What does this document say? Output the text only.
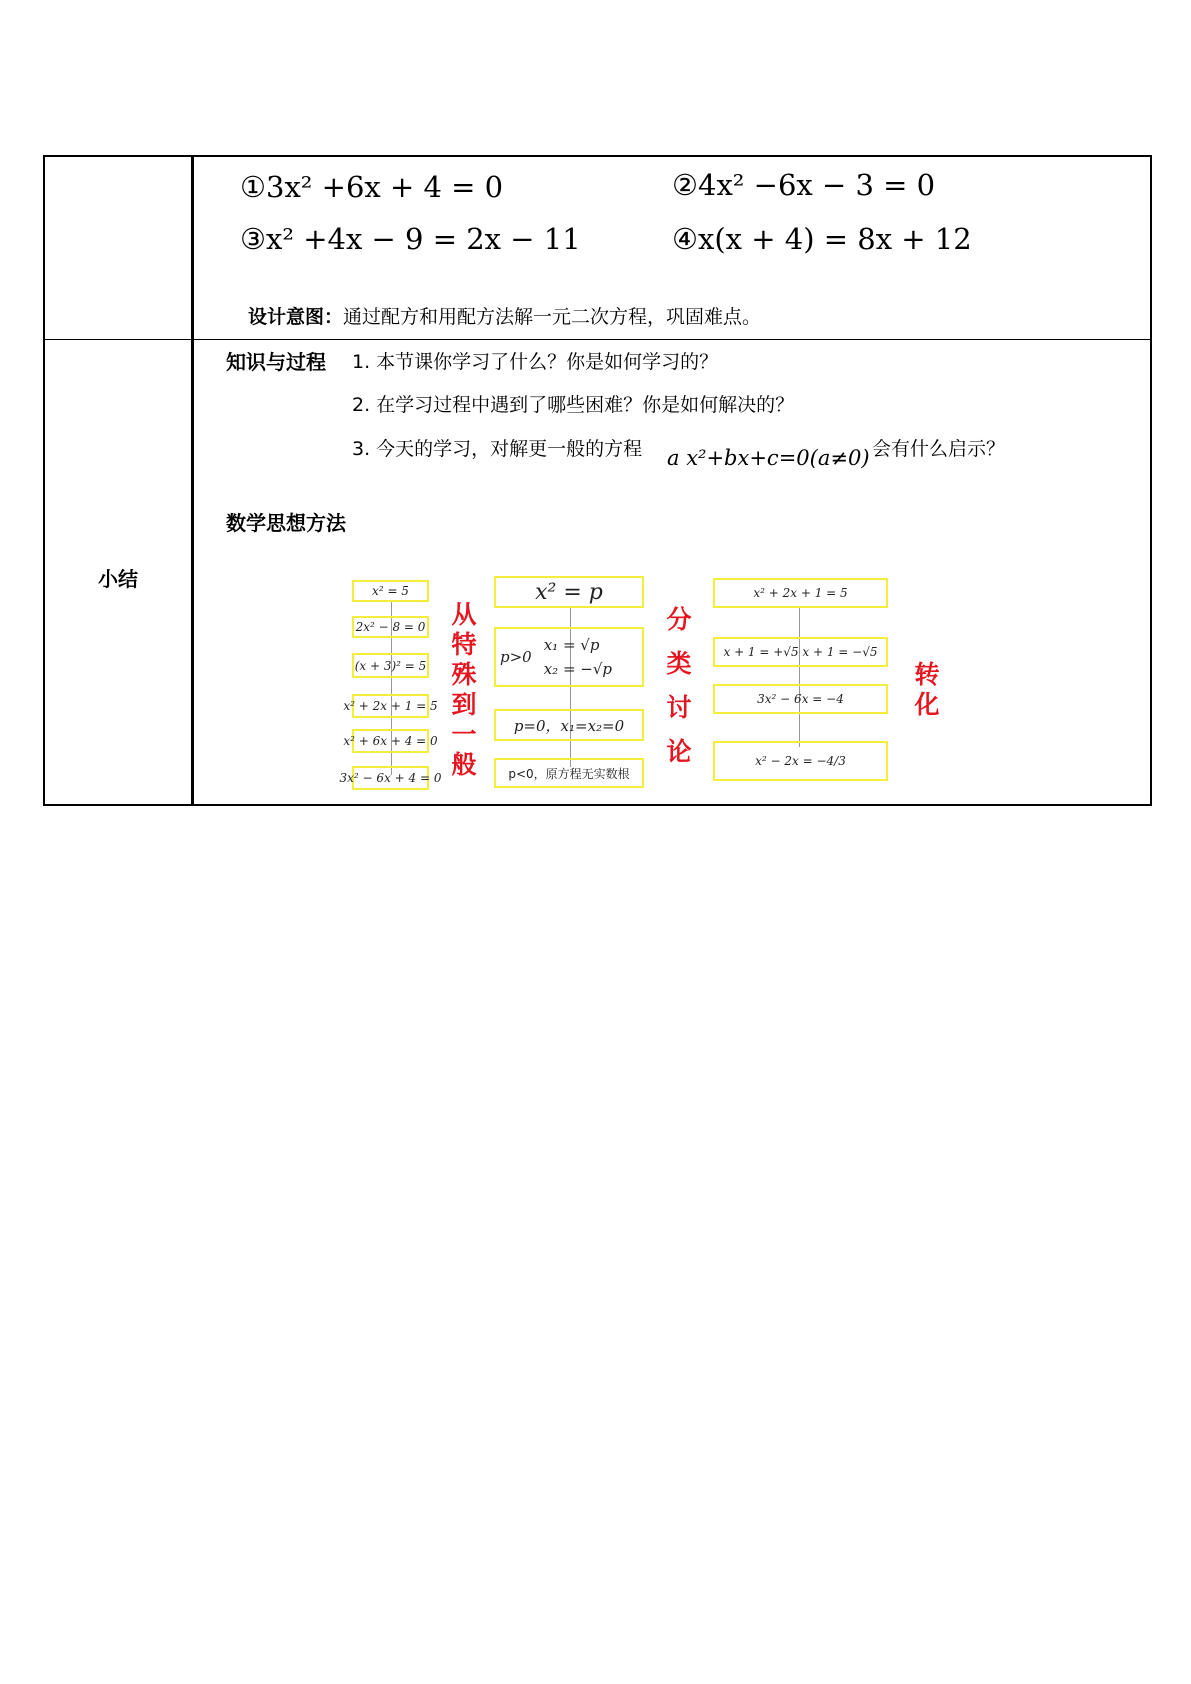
①3x² +6x + 4 = 0	②4x² −6x − 3 = 0
③x² +4x − 9 = 2x − 11	④x(x + 4) = 8x + 12
设计意图：通过配方和用配方法解一元二次方程，巩固难点。
小结
知识与过程 1. 本节课你学习了什么？你是如何学习的？
2. 在学习过程中遇到了哪些困难？你是如何解决的？
3. 今天的学习，对解更一般的方程 a x²+bx+c=0(a≠0) 会有什么启示？
数学思想方法
x² = 5
2x² − 8 = 0
(x + 3)² = 5
x² + 2x + 1 = 5
x² + 6x + 4 = 0
3x² − 6x + 4 = 0
从
特
殊
到
一
般
x² = p
p>0
x₁ = √p
x₂ = −√p
p=0，x₁=x₂=0
p<0，原方程无实数根
分
类
讨
论
x² + 2x + 1 = 5
x + 1 = +√5 x + 1 = −√5
3x² − 6x = −4
x² − 2x = −4/3
转
化
